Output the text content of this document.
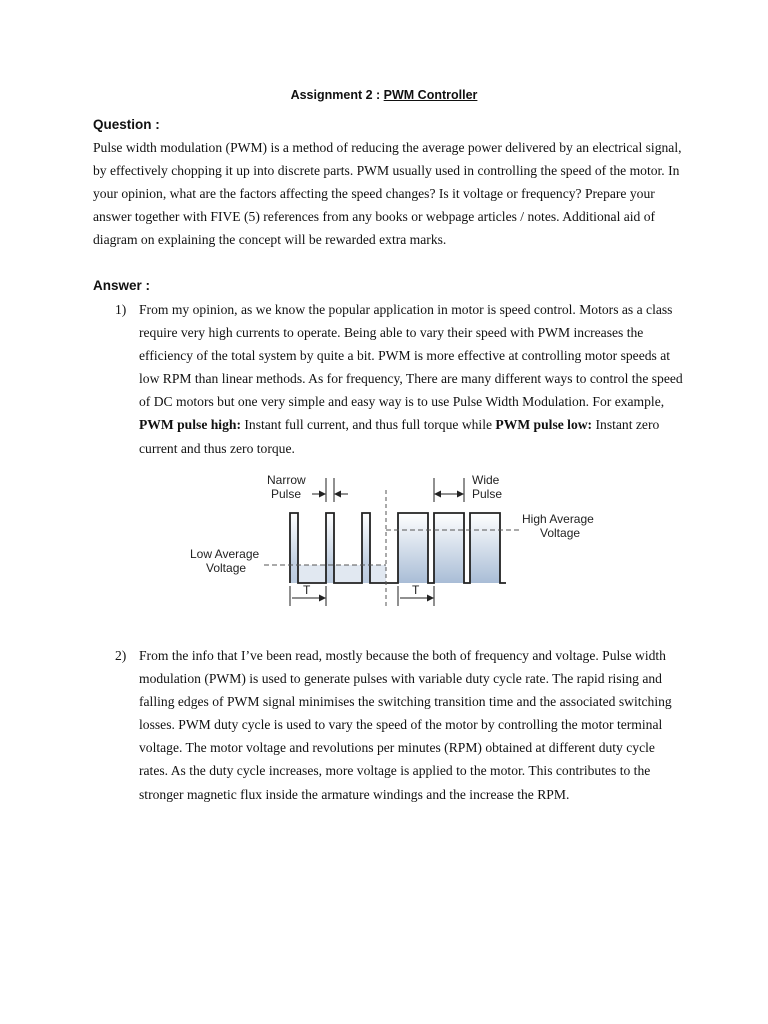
Assignment 2 : PWM Controller
Question :
Pulse width modulation (PWM) is a method of reducing the average power delivered by an electrical signal, by effectively chopping it up into discrete parts. PWM usually used in controlling the speed of the motor. In your opinion, what are the factors affecting the speed changes? Is it voltage or frequency? Prepare your answer together with FIVE (5) references from any books or webpage articles / notes. Additional aid of diagram on explaining the concept will be rewarded extra marks.
Answer :
1) From my opinion, as we know the popular application in motor is speed control. Motors as a class require very high currents to operate. Being able to vary their speed with PWM increases the efficiency of the total system by quite a bit. PWM is more effective at controlling motor speeds at low RPM than linear methods. As for frequency, There are many different ways to control the speed of DC motors but one very simple and easy way is to use Pulse Width Modulation. For example, PWM pulse high: Instant full current, and thus full torque while PWM pulse low: Instant zero current and thus zero torque.
Narrow
Pulse
Wide
Pulse
High Average
Voltage
Low Average
Voltage
T	T
2) From the info that I’ve been read, mostly because the both of frequency and voltage. Pulse width modulation (PWM) is used to generate pulses with variable duty cycle rate. The rapid rising and falling edges of PWM signal minimises the switching transition time and the associated switching losses. PWM duty cycle is used to vary the speed of the motor by controlling the motor terminal voltage. The motor voltage and revolutions per minutes (RPM) obtained at different duty cycle rates. As the duty cycle increases, more voltage is applied to the motor. This contributes to the stronger magnetic flux inside the armature windings and the increase the RPM.
